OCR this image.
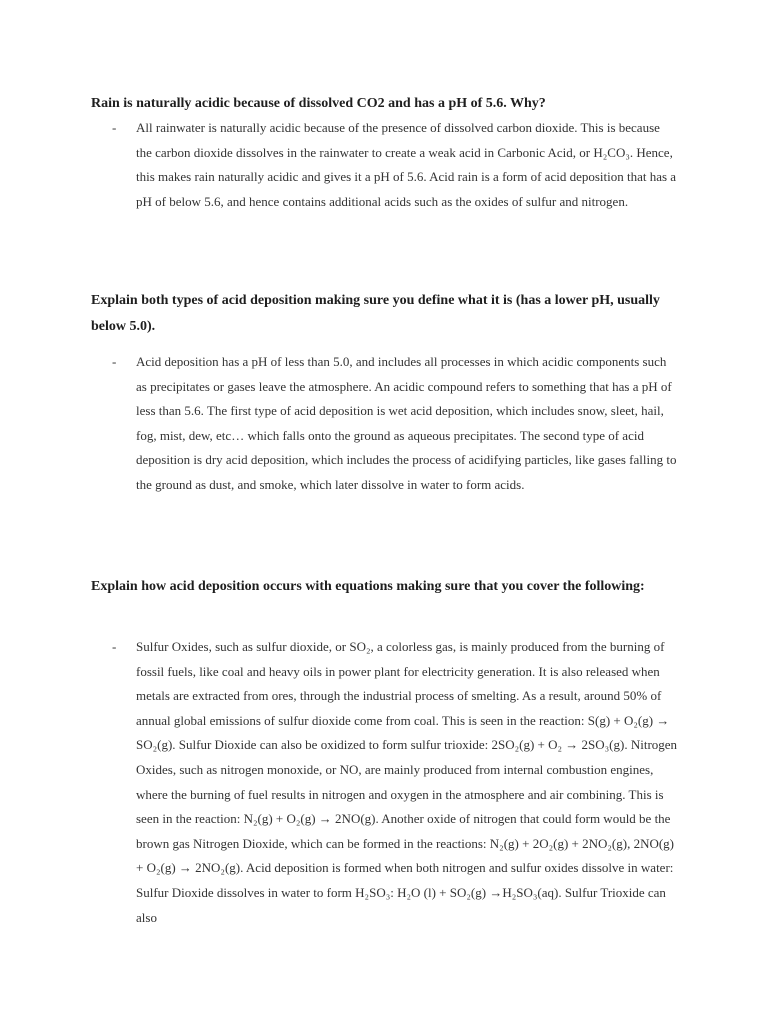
Rain is naturally acidic because of dissolved CO2 and has a pH of 5.6. Why?

-	All rainwater is naturally acidic because of the presence of dissolved carbon dioxide. This is because the carbon dioxide dissolves in the rainwater to create a weak acid in Carbonic Acid, or H₂CO₃. Hence, this makes rain naturally acidic and gives it a pH of 5.6. Acid rain is a form of acid deposition that has a pH of below 5.6, and hence contains additional acids such as the oxides of sulfur and nitrogen.

Explain both types of acid deposition making sure you define what it is (has a lower pH, usually below 5.0).

-	Acid deposition has a pH of less than 5.0, and includes all processes in which acidic components such as precipitates or gases leave the atmosphere. An acidic compound refers to something that has a pH of less than 5.6. The first type of acid deposition is wet acid deposition, which includes snow, sleet, hail, fog, mist, dew, etc… which falls onto the ground as aqueous precipitates. The second type of acid deposition is dry acid deposition, which includes the process of acidifying particles, like gases falling to the ground as dust, and smoke, which later dissolve in water to form acids.

Explain how acid deposition occurs with equations making sure that you cover the following:

-	Sulfur Oxides, such as sulfur dioxide, or SO₂, a colorless gas, is mainly produced from the burning of fossil fuels, like coal and heavy oils in power plant for electricity generation. It is also released when metals are extracted from ores, through the industrial process of smelting. As a result, around 50% of annual global emissions of sulfur dioxide come from coal. This is seen in the reaction: S(g) + O₂(g) → SO₂(g). Sulfur Dioxide can also be oxidized to form sulfur trioxide: 2SO₂(g) + O₂ → 2SO₃(g). Nitrogen Oxides, such as nitrogen monoxide, or NO, are mainly produced from internal combustion engines, where the burning of fuel results in nitrogen and oxygen in the atmosphere and air combining. This is seen in the reaction: N₂(g) + O₂(g) → 2NO(g). Another oxide of nitrogen that could form would be the brown gas Nitrogen Dioxide, which can be formed in the reactions: N₂(g) + 2O₂(g) + 2NO₂(g), 2NO(g) + O₂(g) → 2NO₂(g). Acid deposition is formed when both nitrogen and sulfur oxides dissolve in water: Sulfur Dioxide dissolves in water to form H₂SO₃: H₂O (l) + SO₂(g) →H₂SO₃(aq). Sulfur Trioxide can also
